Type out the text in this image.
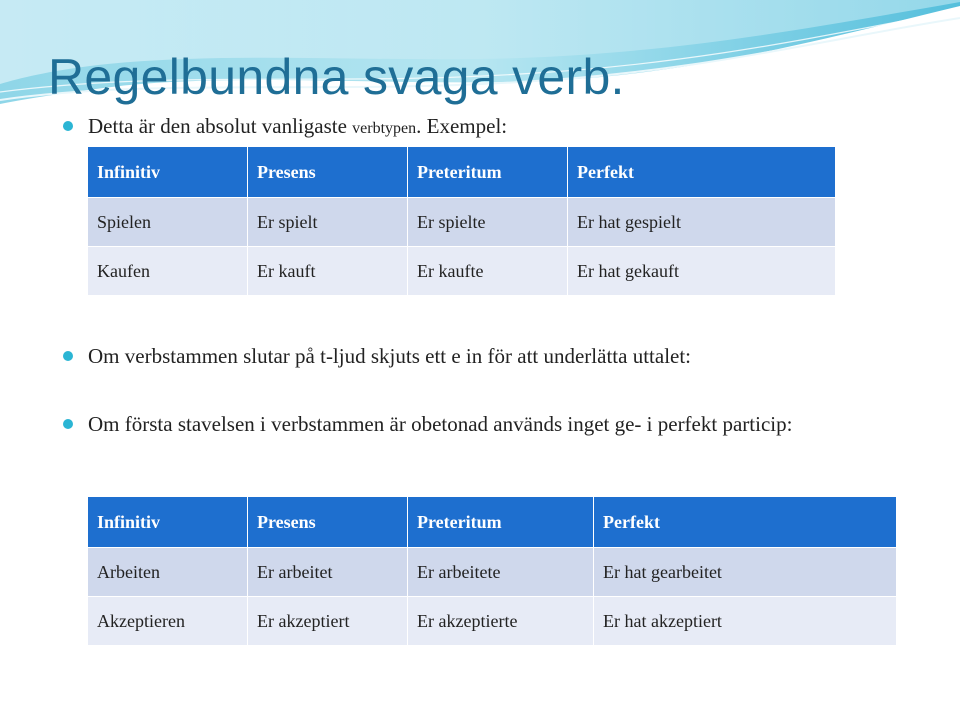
Regelbundna svaga verb.

Detta är den absolut vanligaste verbtypen. Exempel:

Infinitiv	Presens	Preteritum	Perfekt
Spielen	Er spielt	Er spielte	Er hat gespielt
Kaufen	Er kauft	Er kaufte	Er hat gekauft

Om verbstammen slutar på t-ljud skjuts ett e in för att underlätta uttalet:

Om första stavelsen i verbstammen är obetonad används inget ge- i perfekt particip:

Infinitiv	Presens	Preteritum	Perfekt
Arbeiten	Er arbeitet	Er arbeitete	Er hat gearbeitet
Akzeptieren	Er akzeptiert	Er akzeptierte	Er hat akzeptiert
